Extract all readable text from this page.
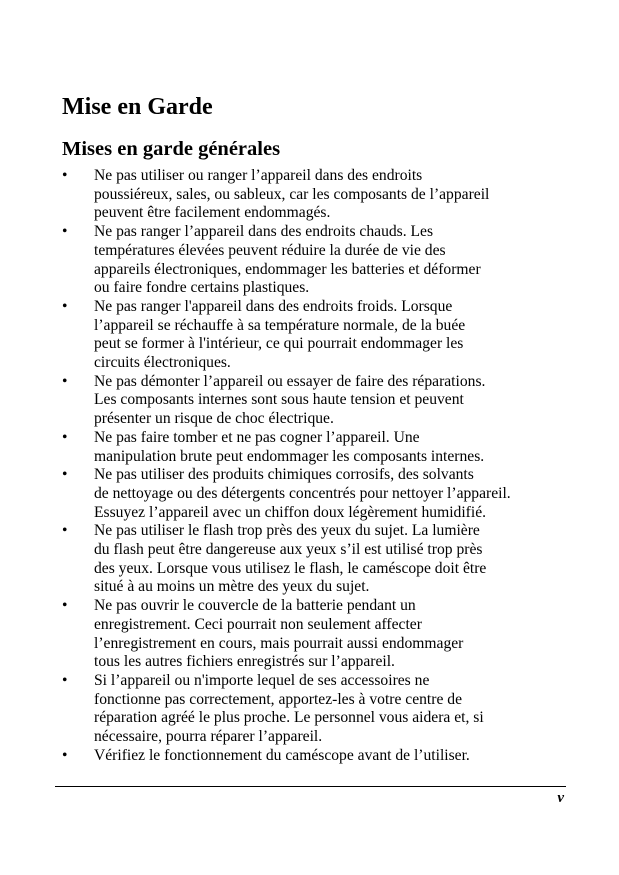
Mise en Garde
Mises en garde générales
•	Ne pas utiliser ou ranger l’appareil dans des endroits
poussiéreux, sales, ou sableux, car les composants de l’appareil
peuvent être facilement endommagés.
•	Ne pas ranger l’appareil dans des endroits chauds. Les
températures élevées peuvent réduire la durée de vie des
appareils électroniques, endommager les batteries et déformer
ou faire fondre certains plastiques.
•	Ne pas ranger l'appareil dans des endroits froids. Lorsque
l’appareil se réchauffe à sa température normale, de la buée
peut se former à l'intérieur, ce qui pourrait endommager les
circuits électroniques.
•	Ne pas démonter l’appareil ou essayer de faire des réparations.
Les composants internes sont sous haute tension et peuvent
présenter un risque de choc électrique.
•	Ne pas faire tomber et ne pas cogner l’appareil. Une
manipulation brute peut endommager les composants internes.
•	Ne pas utiliser des produits chimiques corrosifs, des solvants
de nettoyage ou des détergents concentrés pour nettoyer l’appareil.
Essuyez l’appareil avec un chiffon doux légèrement humidifié.
•	Ne pas utiliser le flash trop près des yeux du sujet. La lumière
du flash peut être dangereuse aux yeux s’il est utilisé trop près
des yeux. Lorsque vous utilisez le flash, le caméscope doit être
situé à au moins un mètre des yeux du sujet.
•	Ne pas ouvrir le couvercle de la batterie pendant un
enregistrement. Ceci pourrait non seulement affecter
l’enregistrement en cours, mais pourrait aussi endommager
tous les autres fichiers enregistrés sur l’appareil.
•	Si l’appareil ou n'importe lequel de ses accessoires ne
fonctionne pas correctement, apportez-les à votre centre de
réparation agréé le plus proche. Le personnel vous aidera et, si
nécessaire, pourra réparer l’appareil.
•	Vérifiez le fonctionnement du caméscope avant de l’utiliser.
v
